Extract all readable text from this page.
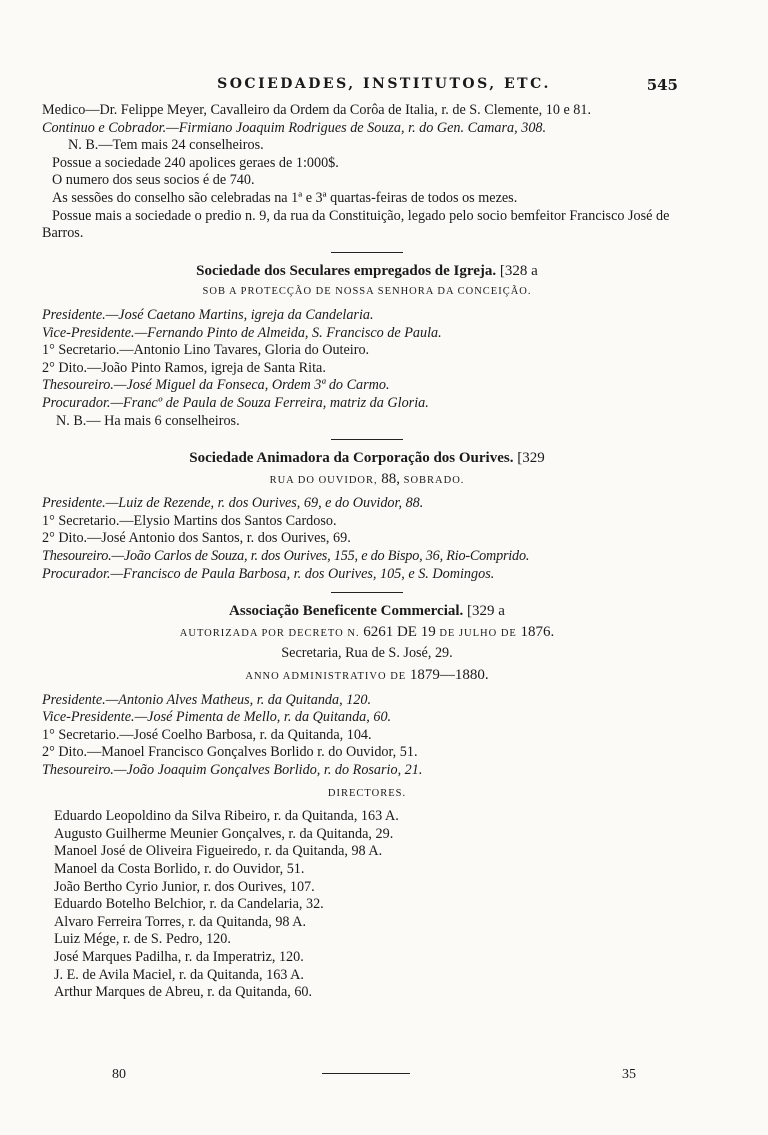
SOCIEDADES, INSTITUTOS, ETC.	545
Medico—Dr. Felippe Meyer, Cavalleiro da Ordem da Corôa de Italia, r. de S. Clemente, 10 e 81.
Continuo e Cobrador.—Firmiano Joaquim Rodrigues de Souza, r. do Gen. Camara, 308.
N. B.—Tem mais 24 conselheiros.
Possue a sociedade 240 apolices geraes de 1:000$.
O numero dos seus socios é de 740.
As sessões do conselho são celebradas na 1ª e 3ª quartas-feiras de todos os mezes.
Possue mais a sociedade o predio n. 9, da rua da Constituição, legado pelo socio bemfeitor Francisco José de Barros.
Sociedade dos Seculares empregados de Igreja. [328 a
SOB A PROTECÇÃO DE NOSSA SENHORA DA CONCEIÇÃO.
Presidente.—José Caetano Martins, igreja da Candelaria.
Vice-Presidente.—Fernando Pinto de Almeida, S. Francisco de Paula.
1° Secretario.—Antonio Lino Tavares, Gloria do Outeiro.
2° Dito.—João Pinto Ramos, igreja de Santa Rita.
Thesoureiro.—José Miguel da Fonseca, Ordem 3ª do Carmo.
Procurador.—Francº de Paula de Souza Ferreira, matriz da Gloria.
N. B.— Ha mais 6 conselheiros.
Sociedade Animadora da Corporação dos Ourives. [329
RUA DO OUVIDOR, 88, SOBRADO.
Presidente.—Luiz de Rezende, r. dos Ourives, 69, e do Ouvidor, 88.
1° Secretario.—Elysio Martins dos Santos Cardoso.
2° Dito.—José Antonio dos Santos, r. dos Ourives, 69.
Thesoureiro.—João Carlos de Souza, r. dos Ourives, 155, e do Bispo, 36, Rio-Comprido.
Procurador.—Francisco de Paula Barbosa, r. dos Ourives, 105, e S. Domingos.
Associação Beneficente Commercial. [329 a
AUTORIZADA POR DECRETO N. 6261 DE 19 DE JULHO DE 1876.
Secretaria, Rua de S. José, 29.
ANNO ADMINISTRATIVO DE 1879—1880.
Presidente.—Antonio Alves Matheus, r. da Quitanda, 120.
Vice-Presidente.—José Pimenta de Mello, r. da Quitanda, 60.
1° Secretario.—José Coelho Barbosa, r. da Quitanda, 104.
2° Dito.—Manoel Francisco Gonçalves Borlido r. do Ouvidor, 51.
Thesoureiro.—João Joaquim Gonçalves Borlido, r. do Rosario, 21.
DIRECTORES.
Eduardo Leopoldino da Silva Ribeiro, r. da Quitanda, 163 A.
Augusto Guilherme Meunier Gonçalves, r. da Quitanda, 29.
Manoel José de Oliveira Figueiredo, r. da Quitanda, 98 A.
Manoel da Costa Borlido, r. do Ouvidor, 51.
João Bertho Cyrio Junior, r. dos Ourives, 107.
Eduardo Botelho Belchior, r. da Candelaria, 32.
Alvaro Ferreira Torres, r. da Quitanda, 98 A.
Luiz Mége, r. de S. Pedro, 120.
José Marques Padilha, r. da Imperatriz, 120.
J. E. de Avila Maciel, r. da Quitanda, 163 A.
Arthur Marques de Abreu, r. da Quitanda, 60.
80	35
